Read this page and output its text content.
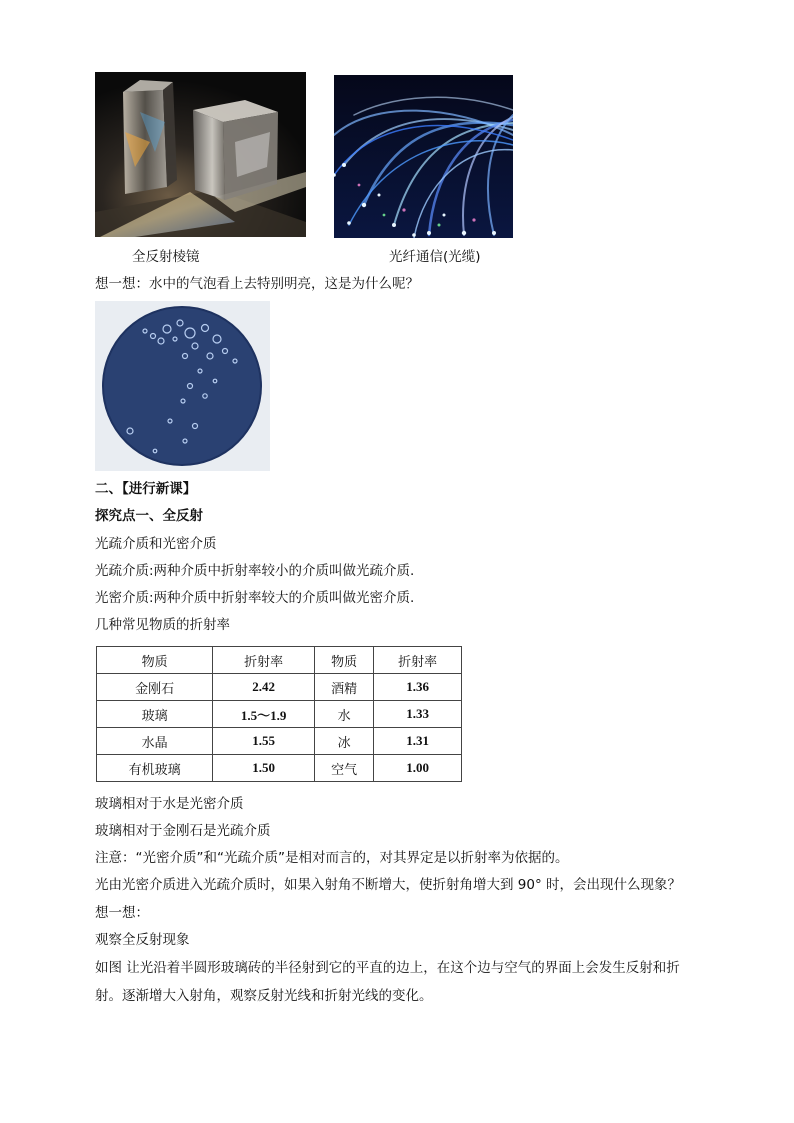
全反射棱镜	光纤通信(光缆)
想一想：水中的气泡看上去特别明亮，这是为什么呢？
二、【进行新课】
探究点一、全反射
光疏介质和光密介质
光疏介质:两种介质中折射率较小的介质叫做光疏介质.
光密介质:两种介质中折射率较大的介质叫做光密介质.
几种常见物质的折射率
物质	折射率	物质	折射率
金刚石	2.42	酒精	1.36
玻璃	1.5～1.9	水	1.33
水晶	1.55	冰	1.31
有机玻璃	1.50	空气	1.00
玻璃相对于水是光密介质
玻璃相对于金刚石是光疏介质
注意：“光密介质”和“光疏介质”是相对而言的，对其界定是以折射率为依据的。
光由光密介质进入光疏介质时，如果入射角不断增大，使折射角增大到 90° 时，会出现什么现象？
想一想：
观察全反射现象
如图 让光沿着半圆形玻璃砖的半径射到它的平直的边上，在这个边与空气的界面上会发生反射和折
射。逐渐增大入射角，观察反射光线和折射光线的变化。
